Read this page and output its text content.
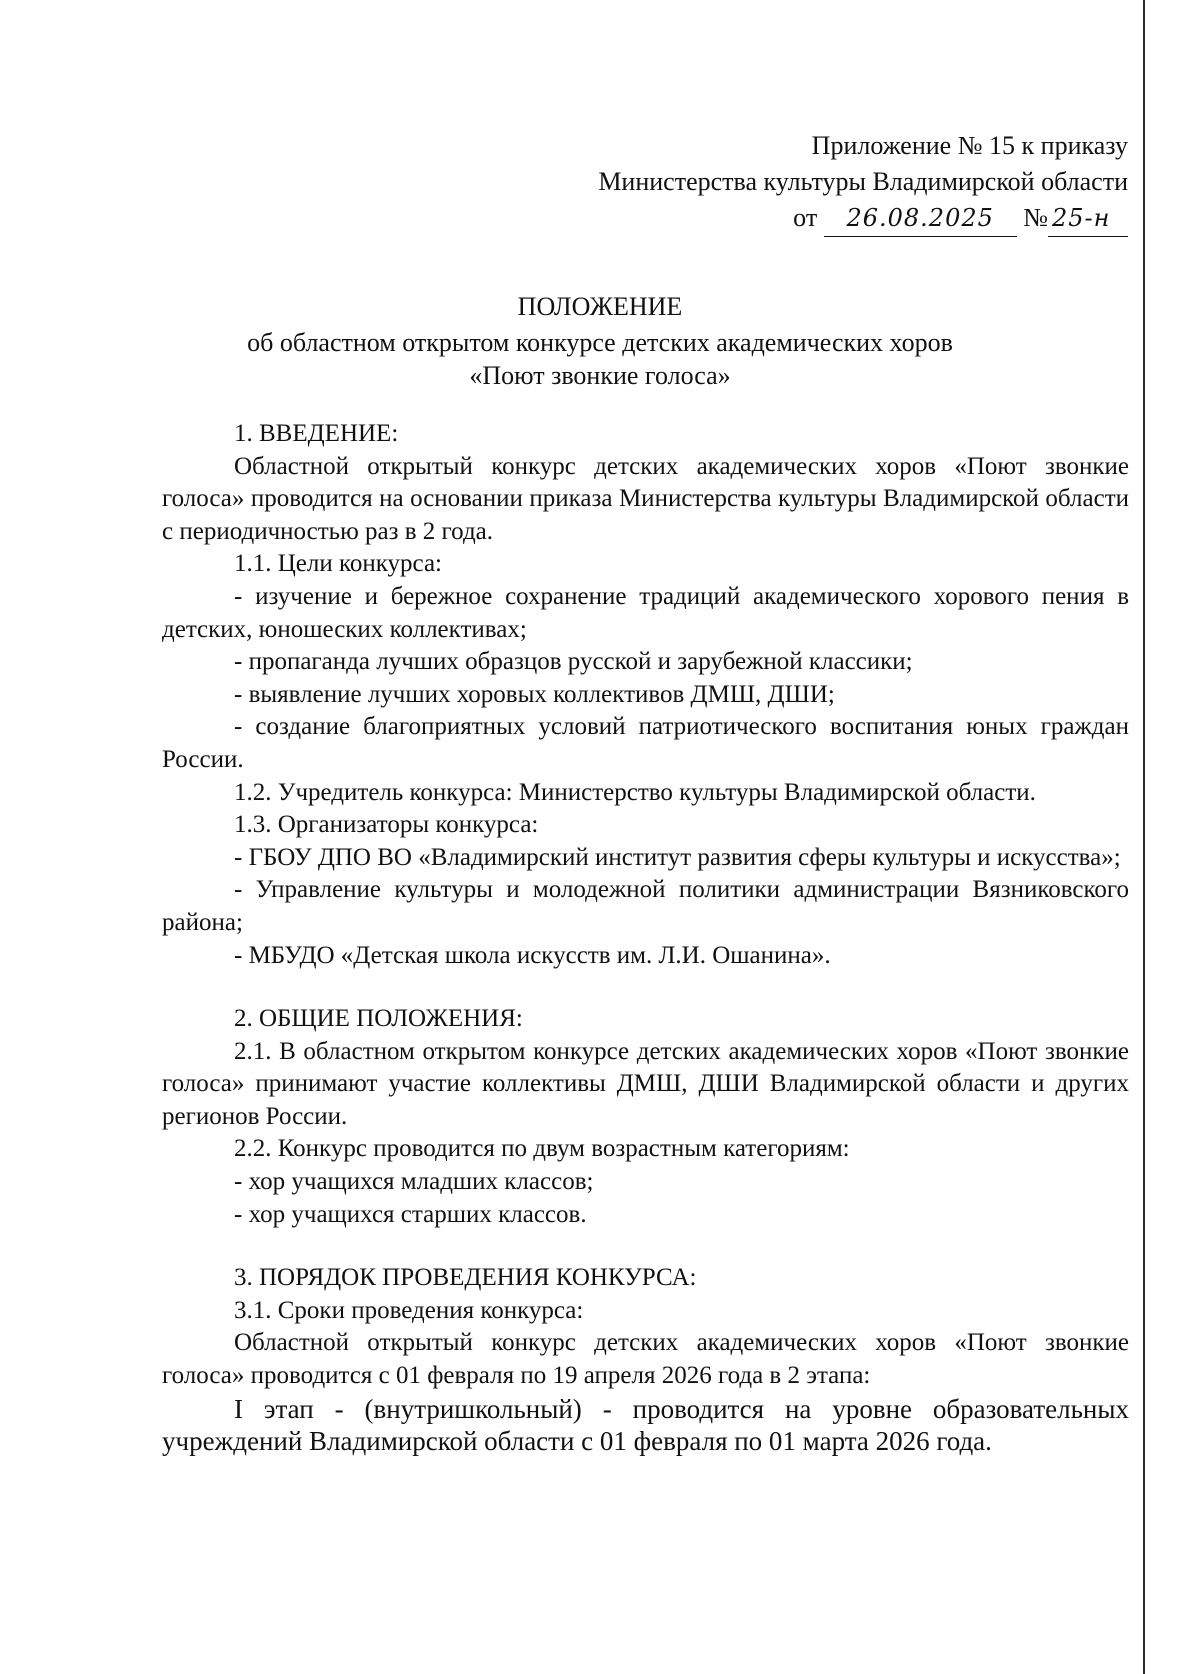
Приложение № 15 к приказу
Министерства культуры Владимирской области
от 26.08.2025 № 25-н
ПОЛОЖЕНИЕ
об областном открытом конкурсе детских академических хоров
«Поют звонкие голоса»

1. ВВЕДЕНИЕ:

Областной открытый конкурс детских академических хоров «Поют звонкие голоса» проводится на основании приказа Министерства культуры Владимирской области с периодичностью раз в 2 года.

1.1. Цели конкурса:

- изучение и бережное сохранение традиций академического хорового пения в детских, юношеских коллективах;

- пропаганда лучших образцов русской и зарубежной классики;

- выявление лучших хоровых коллективов ДМШ, ДШИ;

- создание благоприятных условий патриотического воспитания юных граждан России.

1.2. Учредитель конкурса: Министерство культуры Владимирской области.

1.3. Организаторы конкурса:

- ГБОУ ДПО ВО «Владимирский институт развития сферы культуры и искусства»;

- Управление культуры и молодежной политики администрации Вязниковского района;

- МБУДО «Детская школа искусств им. Л.И. Ошанина».

2. ОБЩИЕ ПОЛОЖЕНИЯ:

2.1. В областном открытом конкурсе детских академических хоров «Поют звонкие голоса» принимают участие коллективы ДМШ, ДШИ Владимирской области и других регионов России.

2.2. Конкурс проводится по двум возрастным категориям:

- хор учащихся младших классов;

- хор учащихся старших классов.

3. ПОРЯДОК ПРОВЕДЕНИЯ КОНКУРСА:

3.1. Сроки проведения конкурса:

Областной открытый конкурс детских академических хоров «Поют звонкие голоса» проводится с 01 февраля по 19 апреля 2026 года в 2 этапа:

I этап - (внутришкольный) - проводится на уровне образовательных учреждений Владимирской области с 01 февраля по 01 марта 2026 года.
